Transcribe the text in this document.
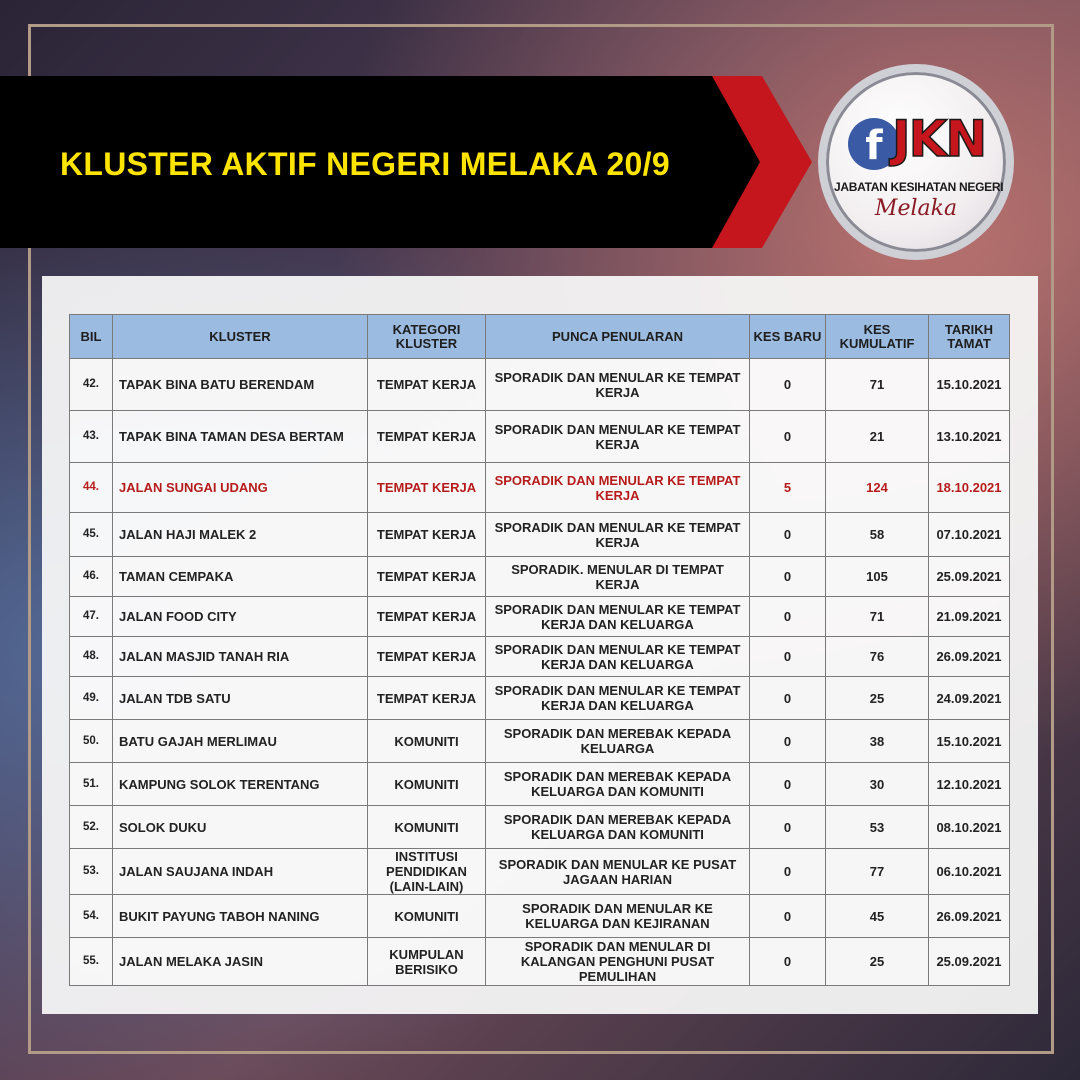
KLUSTER AKTIF NEGERI MELAKA 20/9	f JKN
JABATAN KESIHATAN NEGERI
Melaka
BIL	KLUSTER	KATEGORI KLUSTER	PUNCA PENULARAN	KES BARU	KES KUMULATIF	TARIKH TAMAT
42.	TAPAK BINA BATU BERENDAM	TEMPAT KERJA	SPORADIK DAN MENULAR KE TEMPAT KERJA	0	71	15.10.2021
43.	TAPAK BINA TAMAN DESA BERTAM	TEMPAT KERJA	SPORADIK DAN MENULAR KE TEMPAT KERJA	0	21	13.10.2021
44.	JALAN SUNGAI UDANG	TEMPAT KERJA	SPORADIK DAN MENULAR KE TEMPAT KERJA	5	124	18.10.2021
45.	JALAN HAJI MALEK 2	TEMPAT KERJA	SPORADIK DAN MENULAR KE TEMPAT KERJA	0	58	07.10.2021
46.	TAMAN CEMPAKA	TEMPAT KERJA	SPORADIK. MENULAR DI TEMPAT KERJA	0	105	25.09.2021
47.	JALAN FOOD CITY	TEMPAT KERJA	SPORADIK DAN MENULAR KE TEMPAT KERJA DAN KELUARGA	0	71	21.09.2021
48.	JALAN MASJID TANAH RIA	TEMPAT KERJA	SPORADIK DAN MENULAR KE TEMPAT KERJA DAN KELUARGA	0	76	26.09.2021
49.	JALAN TDB SATU	TEMPAT KERJA	SPORADIK DAN MENULAR KE TEMPAT KERJA DAN KELUARGA	0	25	24.09.2021
50.	BATU GAJAH MERLIMAU	KOMUNITI	SPORADIK DAN MEREBAK KEPADA KELUARGA	0	38	15.10.2021
51.	KAMPUNG SOLOK TERENTANG	KOMUNITI	SPORADIK DAN MEREBAK KEPADA KELUARGA DAN KOMUNITI	0	30	12.10.2021
52.	SOLOK DUKU	KOMUNITI	SPORADIK DAN MEREBAK KEPADA KELUARGA DAN KOMUNITI	0	53	08.10.2021
53.	JALAN SAUJANA INDAH	INSTITUSI PENDIDIKAN (LAIN-LAIN)	SPORADIK DAN MENULAR KE PUSAT JAGAAN HARIAN	0	77	06.10.2021
54.	BUKIT PAYUNG TABOH NANING	KOMUNITI	SPORADIK DAN MENULAR KE KELUARGA DAN KEJIRANAN	0	45	26.09.2021
55.	JALAN MELAKA JASIN	KUMPULAN BERISIKO	SPORADIK DAN MENULAR DI KALANGAN PENGHUNI PUSAT PEMULIHAN	0	25	25.09.2021
